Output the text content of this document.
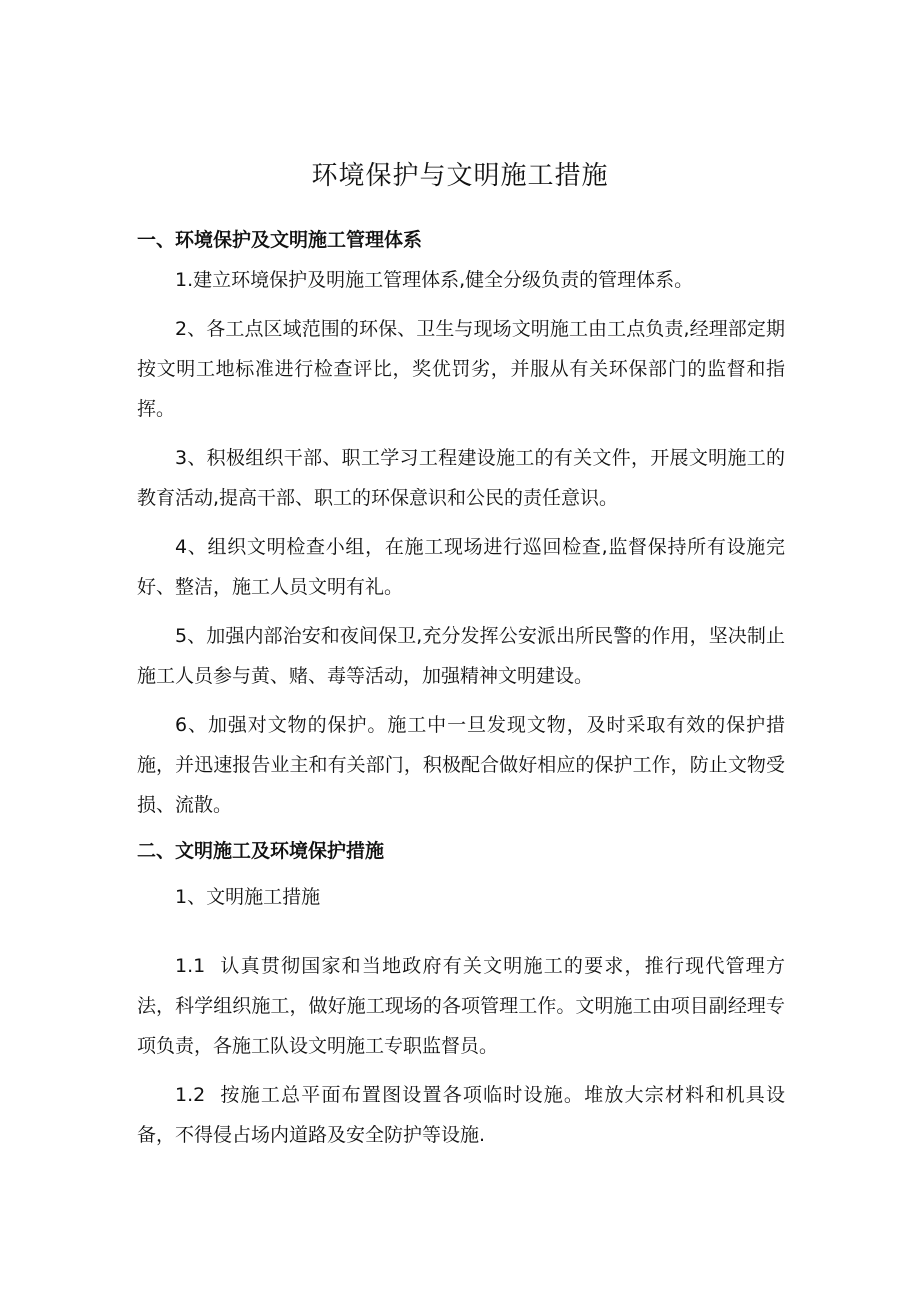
环境保护与文明施工措施
一、环境保护及文明施工管理体系

1.建立环境保护及明施工管理体系,健全分级负责的管理体系。

2、各工点区域范围的环保、卫生与现场文明施工由工点负责,经理部定期按文明工地标准进行检查评比，奖优罚劣，并服从有关环保部门的监督和指挥。

3、积极组织干部、职工学习工程建设施工的有关文件，开展文明施工的教育活动,提高干部、职工的环保意识和公民的责任意识。

4、组织文明检查小组，在施工现场进行巡回检查,监督保持所有设施完好、整洁，施工人员文明有礼。

5、加强内部治安和夜间保卫,充分发挥公安派出所民警的作用，坚决制止施工人员参与黄、赌、毒等活动，加强精神文明建设。

6、加强对文物的保护。施工中一旦发现文物，及时采取有效的保护措施，并迅速报告业主和有关部门，积极配合做好相应的保护工作，防止文物受损、流散。

二、文明施工及环境保护措施

1、文明施工措施

1.1 认真贯彻国家和当地政府有关文明施工的要求，推行现代管理方法，科学组织施工，做好施工现场的各项管理工作。文明施工由项目副经理专项负责，各施工队设文明施工专职监督员。

1.2 按施工总平面布置图设置各项临时设施。堆放大宗材料和机具设备，不得侵占场内道路及安全防护等设施.
